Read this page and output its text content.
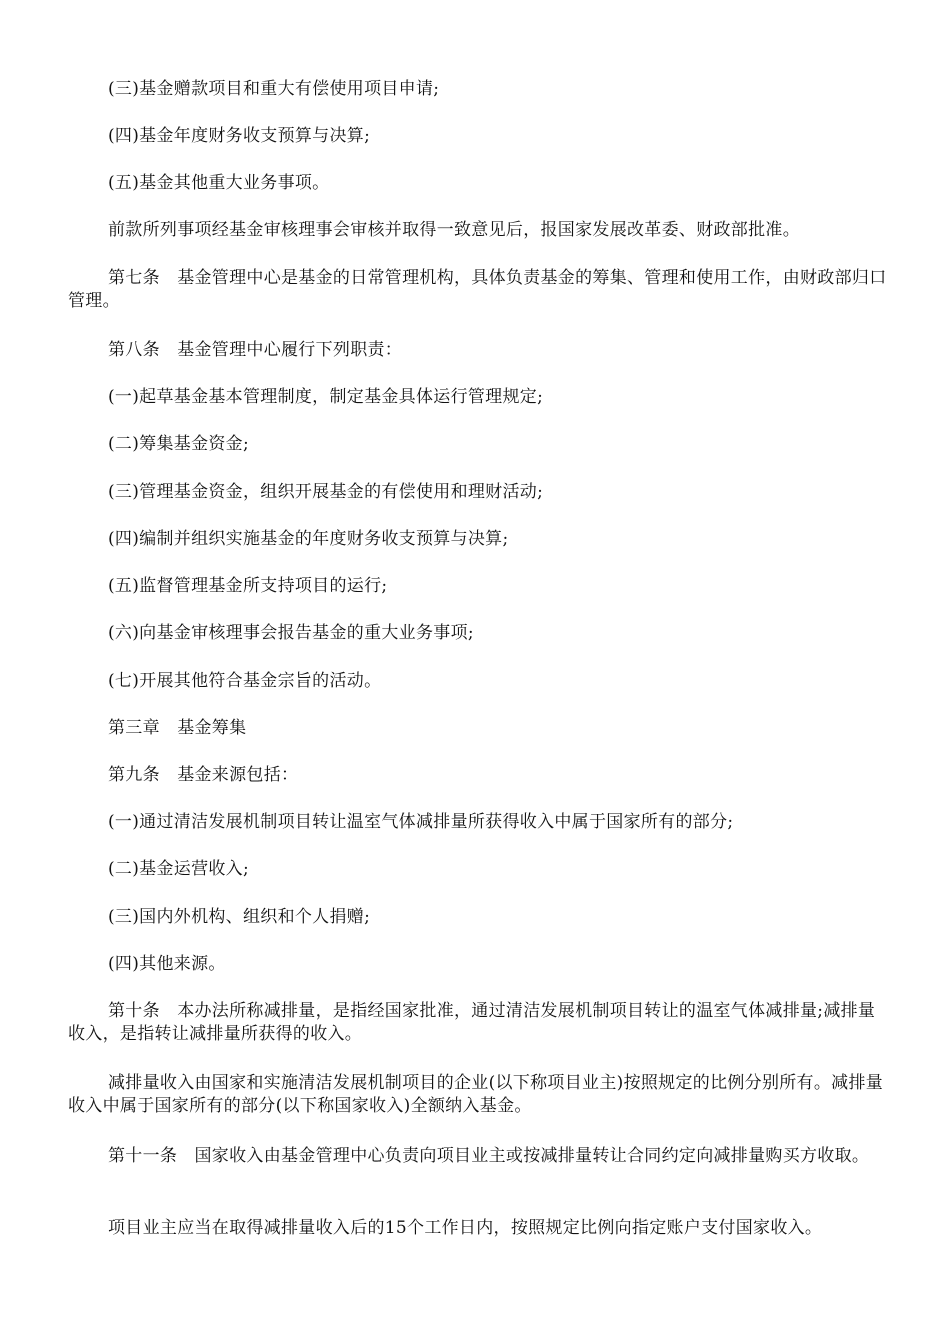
(三)基金赠款项目和重大有偿使用项目申请;

(四)基金年度财务收支预算与决算;

(五)基金其他重大业务事项。

前款所列事项经基金审核理事会审核并取得一致意见后，报国家发展改革委、财政部批准。

第七条　基金管理中心是基金的日常管理机构，具体负责基金的筹集、管理和使用工作，由财政部归口管理。

第八条　基金管理中心履行下列职责：

(一)起草基金基本管理制度，制定基金具体运行管理规定;

(二)筹集基金资金;

(三)管理基金资金，组织开展基金的有偿使用和理财活动;

(四)编制并组织实施基金的年度财务收支预算与决算;

(五)监督管理基金所支持项目的运行;

(六)向基金审核理事会报告基金的重大业务事项;

(七)开展其他符合基金宗旨的活动。

第三章　基金筹集

第九条　基金来源包括：

(一)通过清洁发展机制项目转让温室气体减排量所获得收入中属于国家所有的部分;

(二)基金运营收入;

(三)国内外机构、组织和个人捐赠;

(四)其他来源。

第十条　本办法所称减排量，是指经国家批准，通过清洁发展机制项目转让的温室气体减排量;减排量收入，是指转让减排量所获得的收入。

减排量收入由国家和实施清洁发展机制项目的企业(以下称项目业主)按照规定的比例分别所有。减排量收入中属于国家所有的部分(以下称国家收入)全额纳入基金。

第十一条　国家收入由基金管理中心负责向项目业主或按减排量转让合同约定向减排量购买方收取。

项目业主应当在取得减排量收入后的15个工作日内，按照规定比例向指定账户支付国家收入。
